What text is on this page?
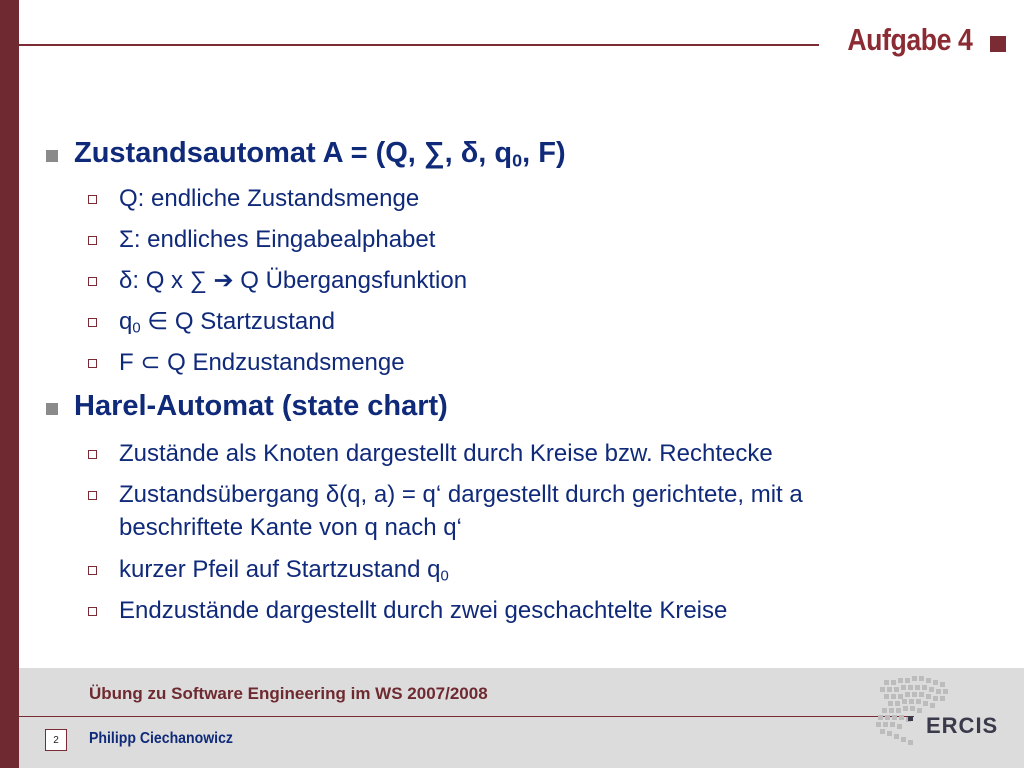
Aufgabe 4
Zustandsautomat A = (Q, ∑, δ, $q_0$, F)
Q: endliche Zustandsmenge
Σ: endliches Eingabealphabet
δ: Q x ∑ ➔ Q Übergangsfunktion
$q_0$ ∈ Q Startzustand
F ⊂ Q Endzustandsmenge
Harel-Automat (state chart)
Zustände als Knoten dargestellt durch Kreise bzw. Rechtecke
Zustandsübergang δ(q, a) = q‘ dargestellt durch gerichtete, mit a
beschriftete Kante von q nach q‘
kurzer Pfeil auf Startzustand $q_0$
Endzustände dargestellt durch zwei geschachtelte Kreise
Übung zu Software Engineering im WS 2007/2008
2	Philipp Ciechanowicz
ERCIS
